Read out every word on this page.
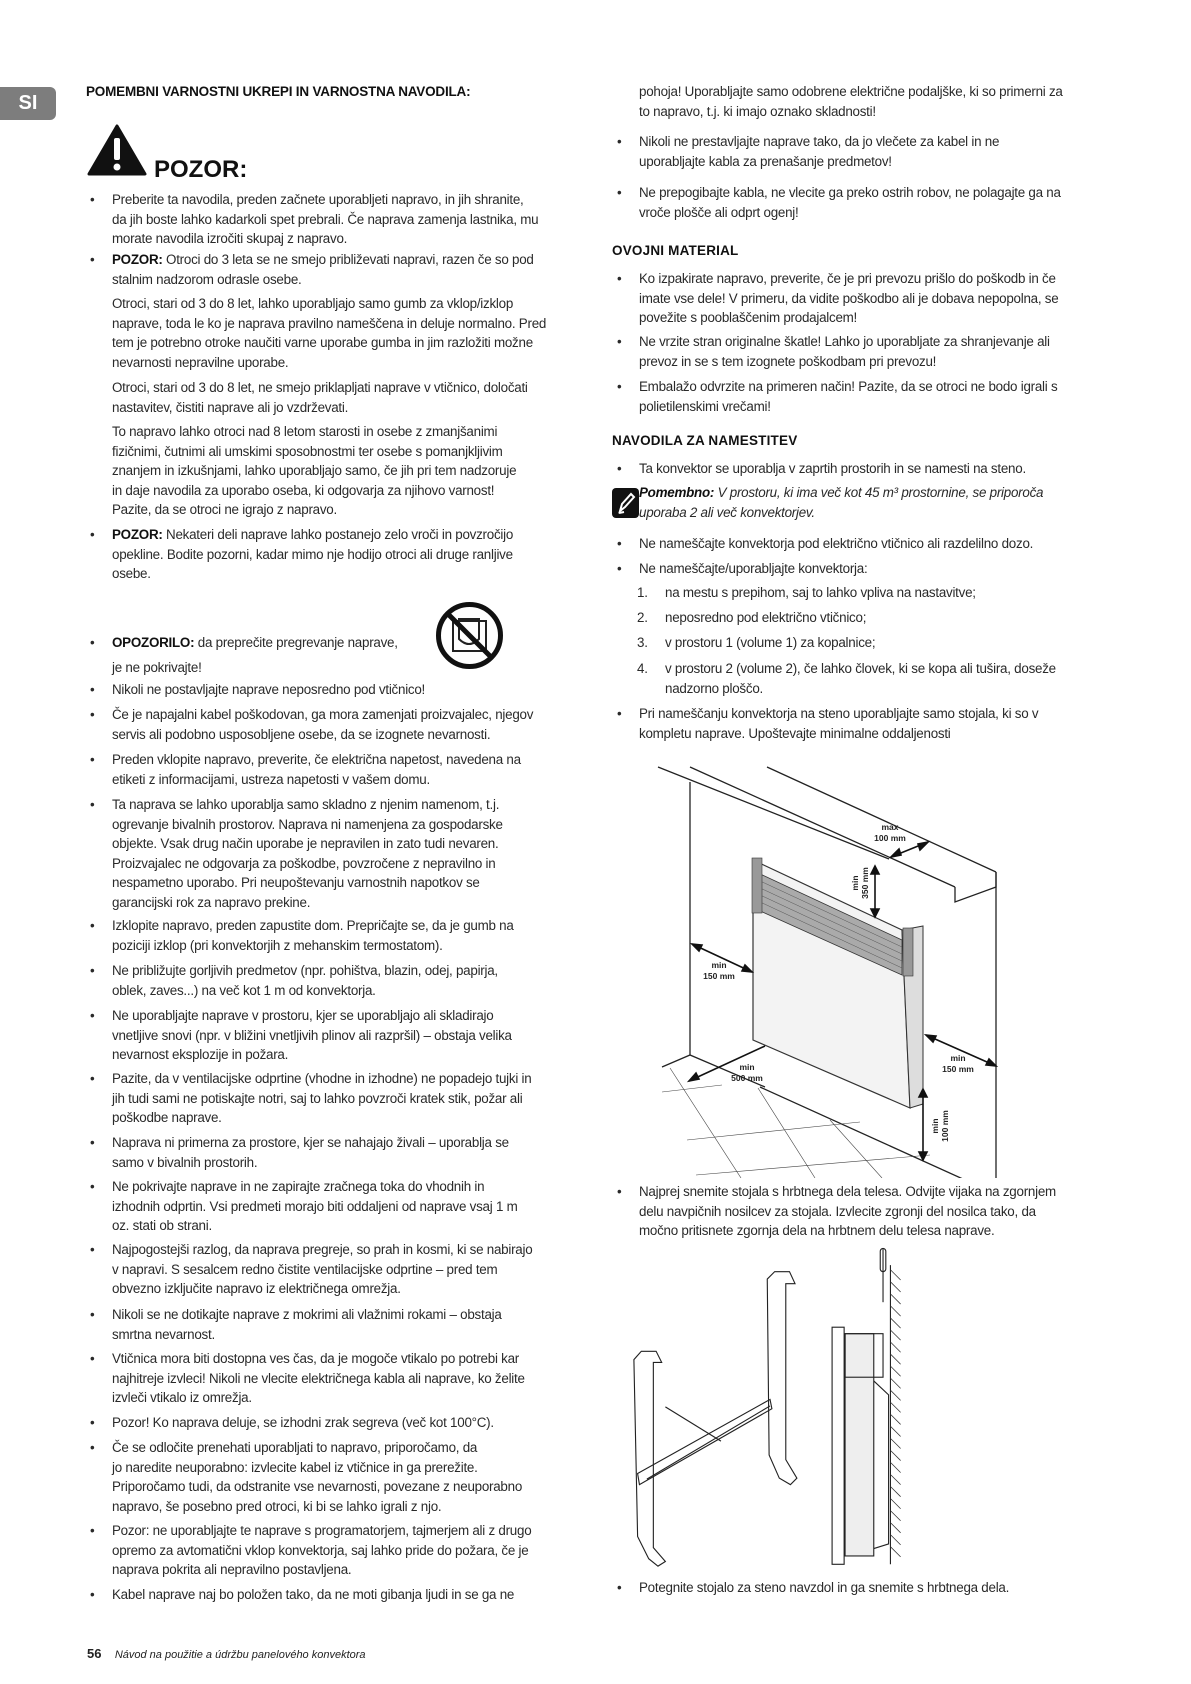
SI
POMEMBNI VARNOSTNI UKREPI IN VARNOSTNA NAVODILA:
POZOR:
• Preberite ta navodila, preden začnete uporabljeti napravo, in jih shranite,
da jih boste lahko kadarkoli spet prebrali. Če naprava zamenja lastnika, mu
morate navodila izročiti skupaj z napravo.
• POZOR: Otroci do 3 leta se ne smejo približevati napravi, razen če so pod
stalnim nadzorom odrasle osebe.
Otroci, stari od 3 do 8 let, lahko uporabljajo samo gumb za vklop/izklop
naprave, toda le ko je naprava pravilno nameščena in deluje normalno. Pred
tem je potrebno otroke naučiti varne uporabe gumba in jim razložiti možne
nevarnosti nepravilne uporabe.
Otroci, stari od 3 do 8 let, ne smejo priklapljati naprave v vtičnico, določati
nastavitev, čistiti naprave ali jo vzdrževati.
To napravo lahko otroci nad 8 letom starosti in osebe z zmanjšanimi
fizičnimi, čutnimi ali umskimi sposobnostmi ter osebe s pomanjkljivim
znanjem in izkušnjami, lahko uporabljajo samo, če jih pri tem nadzoruje
in daje navodila za uporabo oseba, ki odgovarja za njihovo varnost!
Pazite, da se otroci ne igrajo z napravo.
• POZOR: Nekateri deli naprave lahko postanejo zelo vroči in povzročijo
opekline. Bodite pozorni, kadar mimo nje hodijo otroci ali druge ranljive
osebe.
• OPOZORILO: da preprečite pregrevanje naprave,
je ne pokrivajte!
• Nikoli ne postavljajte naprave neposredno pod vtičnico!
• Če je napajalni kabel poškodovan, ga mora zamenjati proizvajalec, njegov
servis ali podobno usposobljene osebe, da se izognete nevarnosti.
• Preden vklopite napravo, preverite, če električna napetost, navedena na
etiketi z informacijami, ustreza napetosti v vašem domu.
• Ta naprava se lahko uporablja samo skladno z njenim namenom, t.j.
ogrevanje bivalnih prostorov. Naprava ni namenjena za gospodarske
objekte. Vsak drug način uporabe je nepravilen in zato tudi nevaren.
Proizvajalec ne odgovarja za poškodbe, povzročene z nepravilno in
nespametno uporabo. Pri neupoštevanju varnostnih napotkov se
garancijski rok za napravo prekine.
• Izklopite napravo, preden zapustite dom. Prepričajte se, da je gumb na
poziciji izklop (pri konvektorjih z mehanskim termostatom).
• Ne približujte gorljivih predmetov (npr. pohištva, blazin, odej, papirja,
oblek, zaves...) na več kot 1 m od konvektorja.
• Ne uporabljajte naprave v prostoru, kjer se uporabljajo ali skladirajo
vnetljive snovi (npr. v bližini vnetljivih plinov ali razpršil) – obstaja velika
nevarnost eksplozije in požara.
• Pazite, da v ventilacijske odprtine (vhodne in izhodne) ne popadejo tujki in
jih tudi sami ne potiskajte notri, saj to lahko povzroči kratek stik, požar ali
poškodbe naprave.
• Naprava ni primerna za prostore, kjer se nahajajo živali – uporablja se
samo v bivalnih prostorih.
• Ne pokrivajte naprave in ne zapirajte zračnega toka do vhodnih in
izhodnih odprtin. Vsi predmeti morajo biti oddaljeni od naprave vsaj 1 m
oz. stati ob strani.
• Najpogostejši razlog, da naprava pregreje, so prah in kosmi, ki se nabirajo
v napravi. S sesalcem redno čistite ventilacijske odprtine – pred tem
obvezno izključite napravo iz električnega omrežja.
• Nikoli se ne dotikajte naprave z mokrimi ali vlažnimi rokami – obstaja
smrtna nevarnost.
• Vtičnica mora biti dostopna ves čas, da je mogoče vtikalo po potrebi kar
najhitreje izvleci! Nikoli ne vlecite električnega kabla ali naprave, ko želite
izvleči vtikalo iz omrežja.
• Pozor! Ko naprava deluje, se izhodni zrak segreva (več kot 100°C).
• Če se odločite prenehati uporabljati to napravo, priporočamo, da
jo naredite neuporabno: izvlecite kabel iz vtičnice in ga prerežite.
Priporočamo tudi, da odstranite vse nevarnosti, povezane z neuporabno
napravo, še posebno pred otroci, ki bi se lahko igrali z njo.
• Pozor: ne uporabljajte te naprave s programatorjem, tajmerjem ali z drugo
opremo za avtomatični vklop konvektorja, saj lahko pride do požara, če je
naprava pokrita ali nepravilno postavljena.
• Kabel naprave naj bo položen tako, da ne moti gibanja ljudi in se ga ne
pohoja! Uporabljajte samo odobrene električne podaljške, ki so primerni za
to napravo, t.j. ki imajo oznako skladnosti!
• Nikoli ne prestavljajte naprave tako, da jo vlečete za kabel in ne
uporabljajte kabla za prenašanje predmetov!
• Ne prepogibajte kabla, ne vlecite ga preko ostrih robov, ne polagajte ga na
vroče plošče ali odprt ogenj!
OVOJNI MATERIAL
• Ko izpakirate napravo, preverite, če je pri prevozu prišlo do poškodb in če
imate vse dele! V primeru, da vidite poškodbo ali je dobava nepopolna, se
povežite s pooblaščenim prodajalcem!
• Ne vrzite stran originalne škatle! Lahko jo uporabljate za shranjevanje ali
prevoz in se s tem izognete poškodbam pri prevozu!
• Embalažo odvrzite na primeren način! Pazite, da se otroci ne bodo igrali s
polietilenskimi vrečami!
NAVODILA ZA NAMESTITEV
• Ta konvektor se uporablja v zaprtih prostorih in se namesti na steno.
Pomembno: V prostoru, ki ima več kot 45 m³ prostornine, se priporoča
uporaba 2 ali več konvektorjev.
• Ne nameščajte konvektorja pod električno vtičnico ali razdelilno dozo.
• Ne nameščajte/uporabljajte konvektorja:
1. na mestu s prepihom, saj to lahko vpliva na nastavitve;
2. neposredno pod električno vtičnico;
3. v prostoru 1 (volume 1) za kopalnice;
4. v prostoru 2 (volume 2), če lahko človek, ki se kopa ali tušira, doseže
nadzorno ploščo.
• Pri nameščanju konvektorja na steno uporabljajte samo stojala, ki so v
kompletu naprave. Upoštevajte minimalne oddaljenosti
• Najprej snemite stojala s hrbtnega dela telesa. Odvijte vijaka na zgornjem
delu navpičnih nosilcev za stojala. Izvlecite zgronji del nosilca tako, da
močno pritisnete zgornja dela na hrbtnem delu telesa naprave.
• Potegnite stojalo za steno navzdol in ga snemite s hrbtnega dela.
max
100 mm
min 350 mm
min
150 mm
min
500 mm
min
150 mm
min 100 mm
56 Návod na použitie a údržbu panelového konvektora
